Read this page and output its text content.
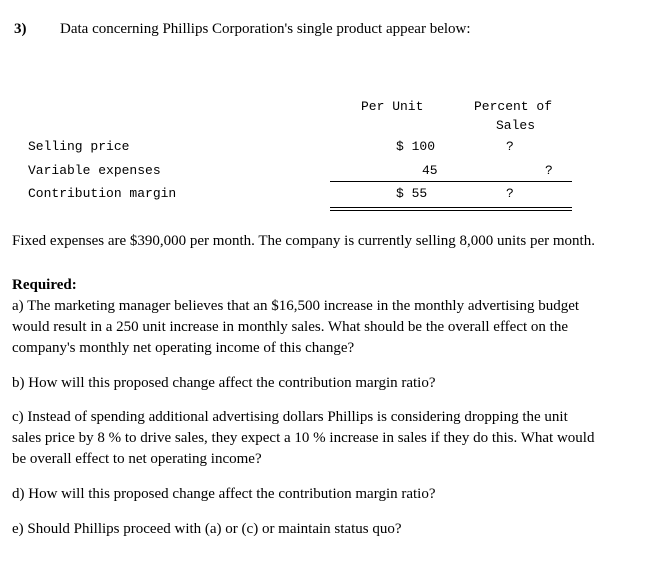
3) Data concerning Phillips Corporation's single product appear below:
Per Unit	Percent of
Sales
Selling price	$ 100	?
Variable expenses	45	?
Contribution margin	$ 55	?
Fixed expenses are $390,000 per month. The company is currently selling 8,000 units per month.
Required:
a) The marketing manager believes that an $16,500 increase in the monthly advertising budget
would result in a 250 unit increase in monthly sales. What should be the overall effect on the
company's monthly net operating income of this change?
b) How will this proposed change affect the contribution margin ratio?
c) Instead of spending additional advertising dollars Phillips is considering dropping the unit
sales price by 8 % to drive sales, they expect a 10 % increase in sales if they do this. What would
be overall effect to net operating income?
d) How will this proposed change affect the contribution margin ratio?
e) Should Phillips proceed with (a) or (c) or maintain status quo?
